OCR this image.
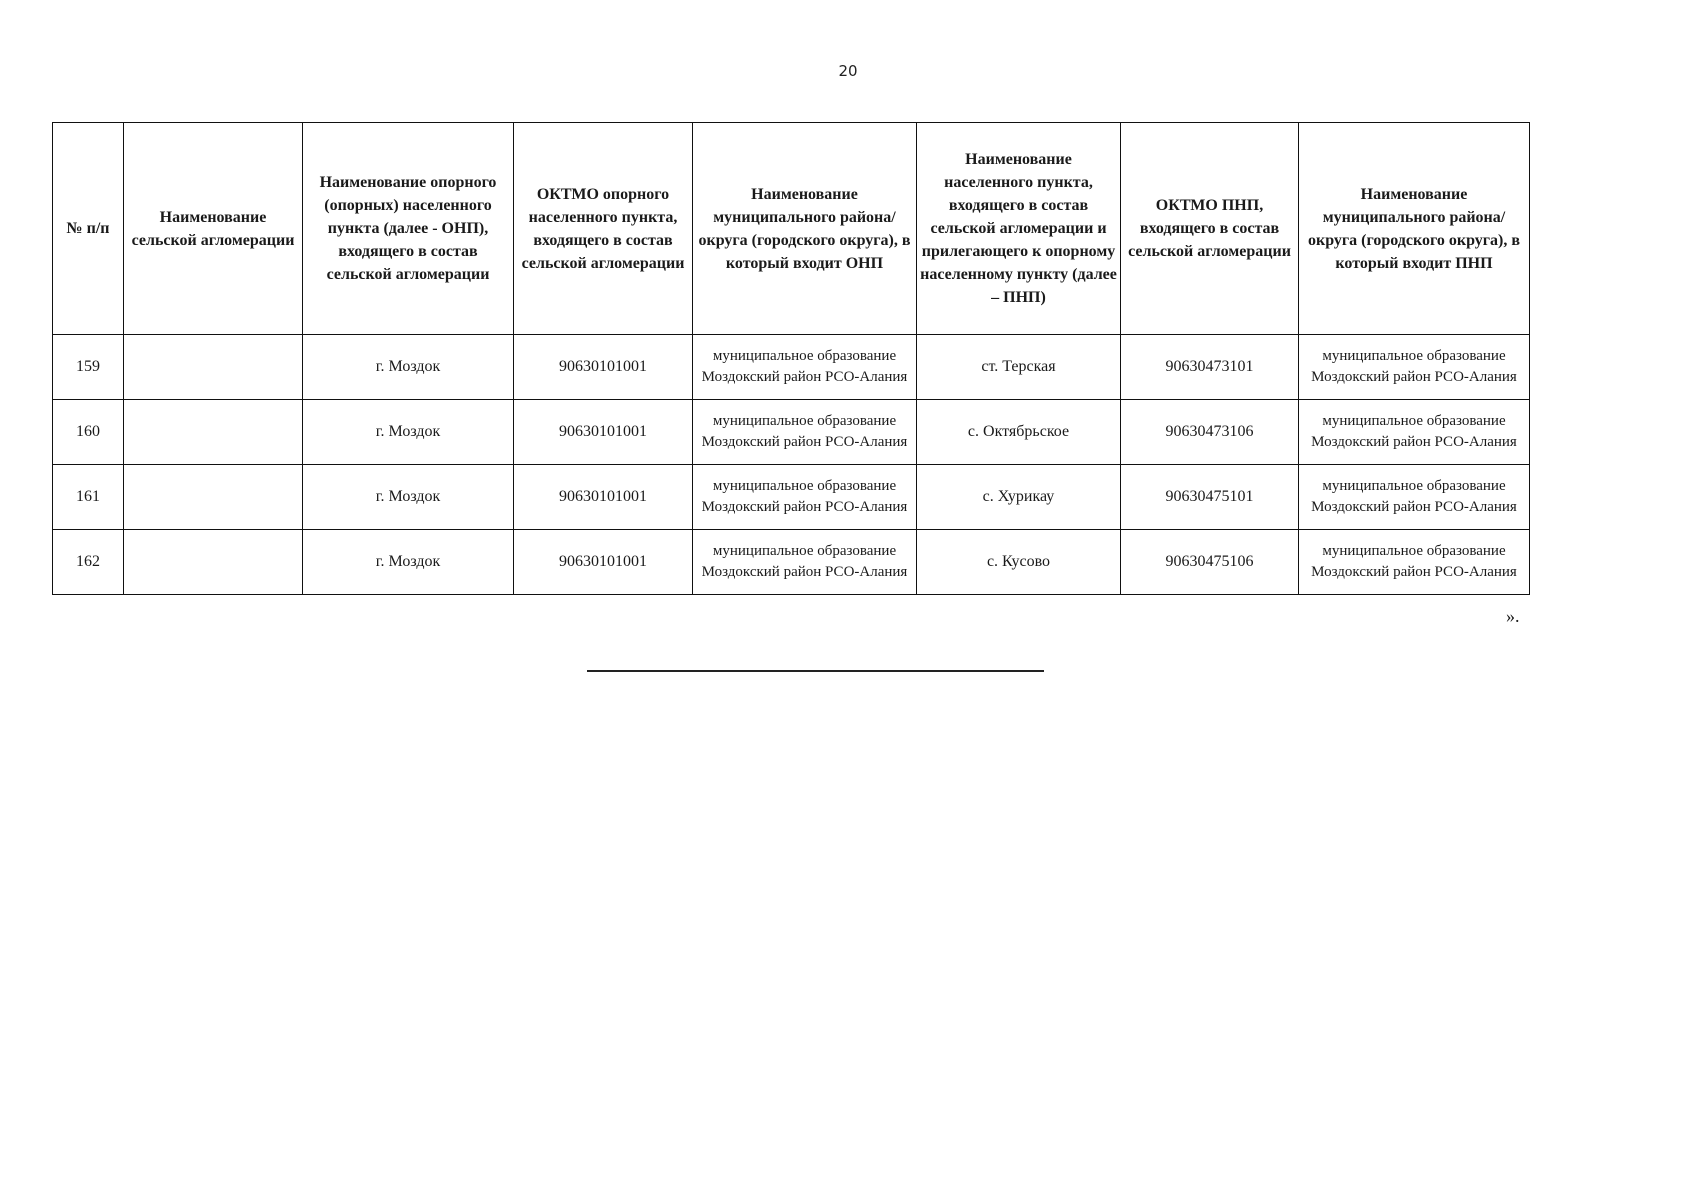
20
№ п/п	Наименование сельской агломерации	Наименование опорного (опорных) населенного пункта (далее - ОНП), входящего в состав сельской агломерации	ОКТМО опорного населенного пункта, входящего в состав сельской агломерации	Наименование муниципального района/округа (городского округа), в который входит ОНП	Наименование населенного пункта, входящего в состав сельской агломерации и прилегающего к опорному населенному пункту (далее – ПНП)	ОКТМО ПНП, входящего в состав сельской агломерации	Наименование муниципального района/округа (городского округа), в который входит ПНП
159		г. Моздок	90630101001	муниципальное образование Моздокский район РСО-Алания	ст. Терская	90630473101	муниципальное образование Моздокский район РСО-Алания
160		г. Моздок	90630101001	муниципальное образование Моздокский район РСО-Алания	с. Октябрьское	90630473106	муниципальное образование Моздокский район РСО-Алания
161		г. Моздок	90630101001	муниципальное образование Моздокский район РСО-Алания	с. Хурикау	90630475101	муниципальное образование Моздокский район РСО-Алания
162		г. Моздок	90630101001	муниципальное образование Моздокский район РСО-Алания	с. Кусово	90630475106	муниципальное образование Моздокский район РСО-Алания
».
